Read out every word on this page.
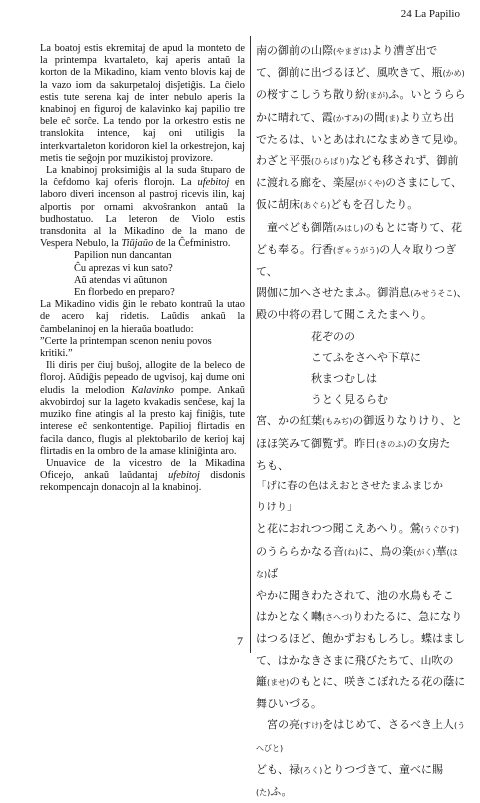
24 La Papilio

La boatoj estis ekremitaj de apud la monteto de la printempa kvartaleto, kaj aperis antaŭ la korton de la Mikadino, kiam vento blovis kaj de la vazo iom da sakurpetaloj disĵetiĝis. La ĉielo estis tute serena kaj de inter nebulo aperis la knabinoj en figuroj de kalavinko kaj papilio tre bele eĉ sorĉe. La tendo por la orkestro estis ne translokita intence, kaj oni utiligis la interkvartaleton koridoron kiel la orkestrejon, kaj metis tie seĝojn por muzikistoj provizore.

La knabinoj proksimiĝis al la suda ŝtuparo de la ĉefdomo kaj oferis florojn. La ufebitoj en laboro diveri incenson al pastroj ricevis ilin, kaj alportis por ornami akvoŝrankon antaŭ la budhostatuo. La leteron de Violo estis transdonita al la Mikadino de la mano de Vespera Nebulo, la Tiūjaŭo de la Ĉefministro.

Papilion nun dancantan
Ĉu aprezas vi kun sato?
Aŭ atendas vi aŭtunon
En florbedo en preparo?

La Mikadino vidis ĝin le rebato kontraŭ la utao de acero kaj ridetis. Laŭdis ankaŭ la ĉambelaninoj en la hieraŭa boatludo:

”Certe la printempan scenon neniu povos kritiki.”

Ili diris per ĉiuj buŝoj, allogite de la beleco de floroj. Aŭdiĝis pepeado de ugvisoj, kaj dume oni eludis la melodion Kalavinko pompe. Ankaŭ akvobirdoj sur la lageto kvakadis senĉese, kaj la muziko fine atingis al la presto kaj finiĝis, tute interese eĉ senkontentige. Papilioj flirtadis en facila danco, flugis al plektobarilo de kerioj kaj flirtadis en la ombro de la amase kliniĝinta aro.

Unuavice de la vicestro de la Mikadina Oficejo, ankaŭ laŭdantaj ufebitoj disdonis rekompencajn donacojn al la knabinoj.

南の御前の山際(やまぎは)より漕ぎ出で

て、御前に出づるほど、風吹きて、瓶(かめ)

の桜すこしうち散り紛(まが)ふ。いとうらら

かに晴れて、霞(かすみ)の間(ま)より立ち出

でたるは、いとあはれになまめきて見ゆ。

わざと平張(ひらばり)なども移されず、御前

に渡れる廊を、楽屋(がくや)のさまにして、

仮に胡床(あぐら)どもを召したり。

童べども御階(みはし)のもとに寄りて、花

ども奉る。行香(ぎゃうがう)の人々取りつぎて、

閼伽に加へさせたまふ。御消息(みせうそこ)、

殿の中将の君して聞こえたまへり。

花ぞのの

こてふをさへや下草に

秋まつむしは

うとく見るらむ

宮、かの紅葉(もみぢ)の御返りなりけり、と

ほほ笑みて御覧ず。昨日(きのふ)の女房た

ちも、

「げに春の色はえおとさせたまふまじか

りけり」

と花におれつつ聞こえあへり。鶯(うぐひす)

のうららかなる音(ね)に、鳥の楽(がく)華(はな)ば

やかに聞きわたされて、池の水鳥もそこ

はかとなく囀(さへづ)りわたるに、急になり

はつるほど、飽かずおもしろし。蝶はまし

て、はかなきさまに飛びたちて、山吹の

籬(ませ)のもとに、咲きこぼれたる花の蔭に

舞ひいづる。

宮の亮(すけ)をはじめて、さるべき上人(うへびと)

ども、禄(ろく)とりつづきて、童べに賜

(た)ふ。

7
